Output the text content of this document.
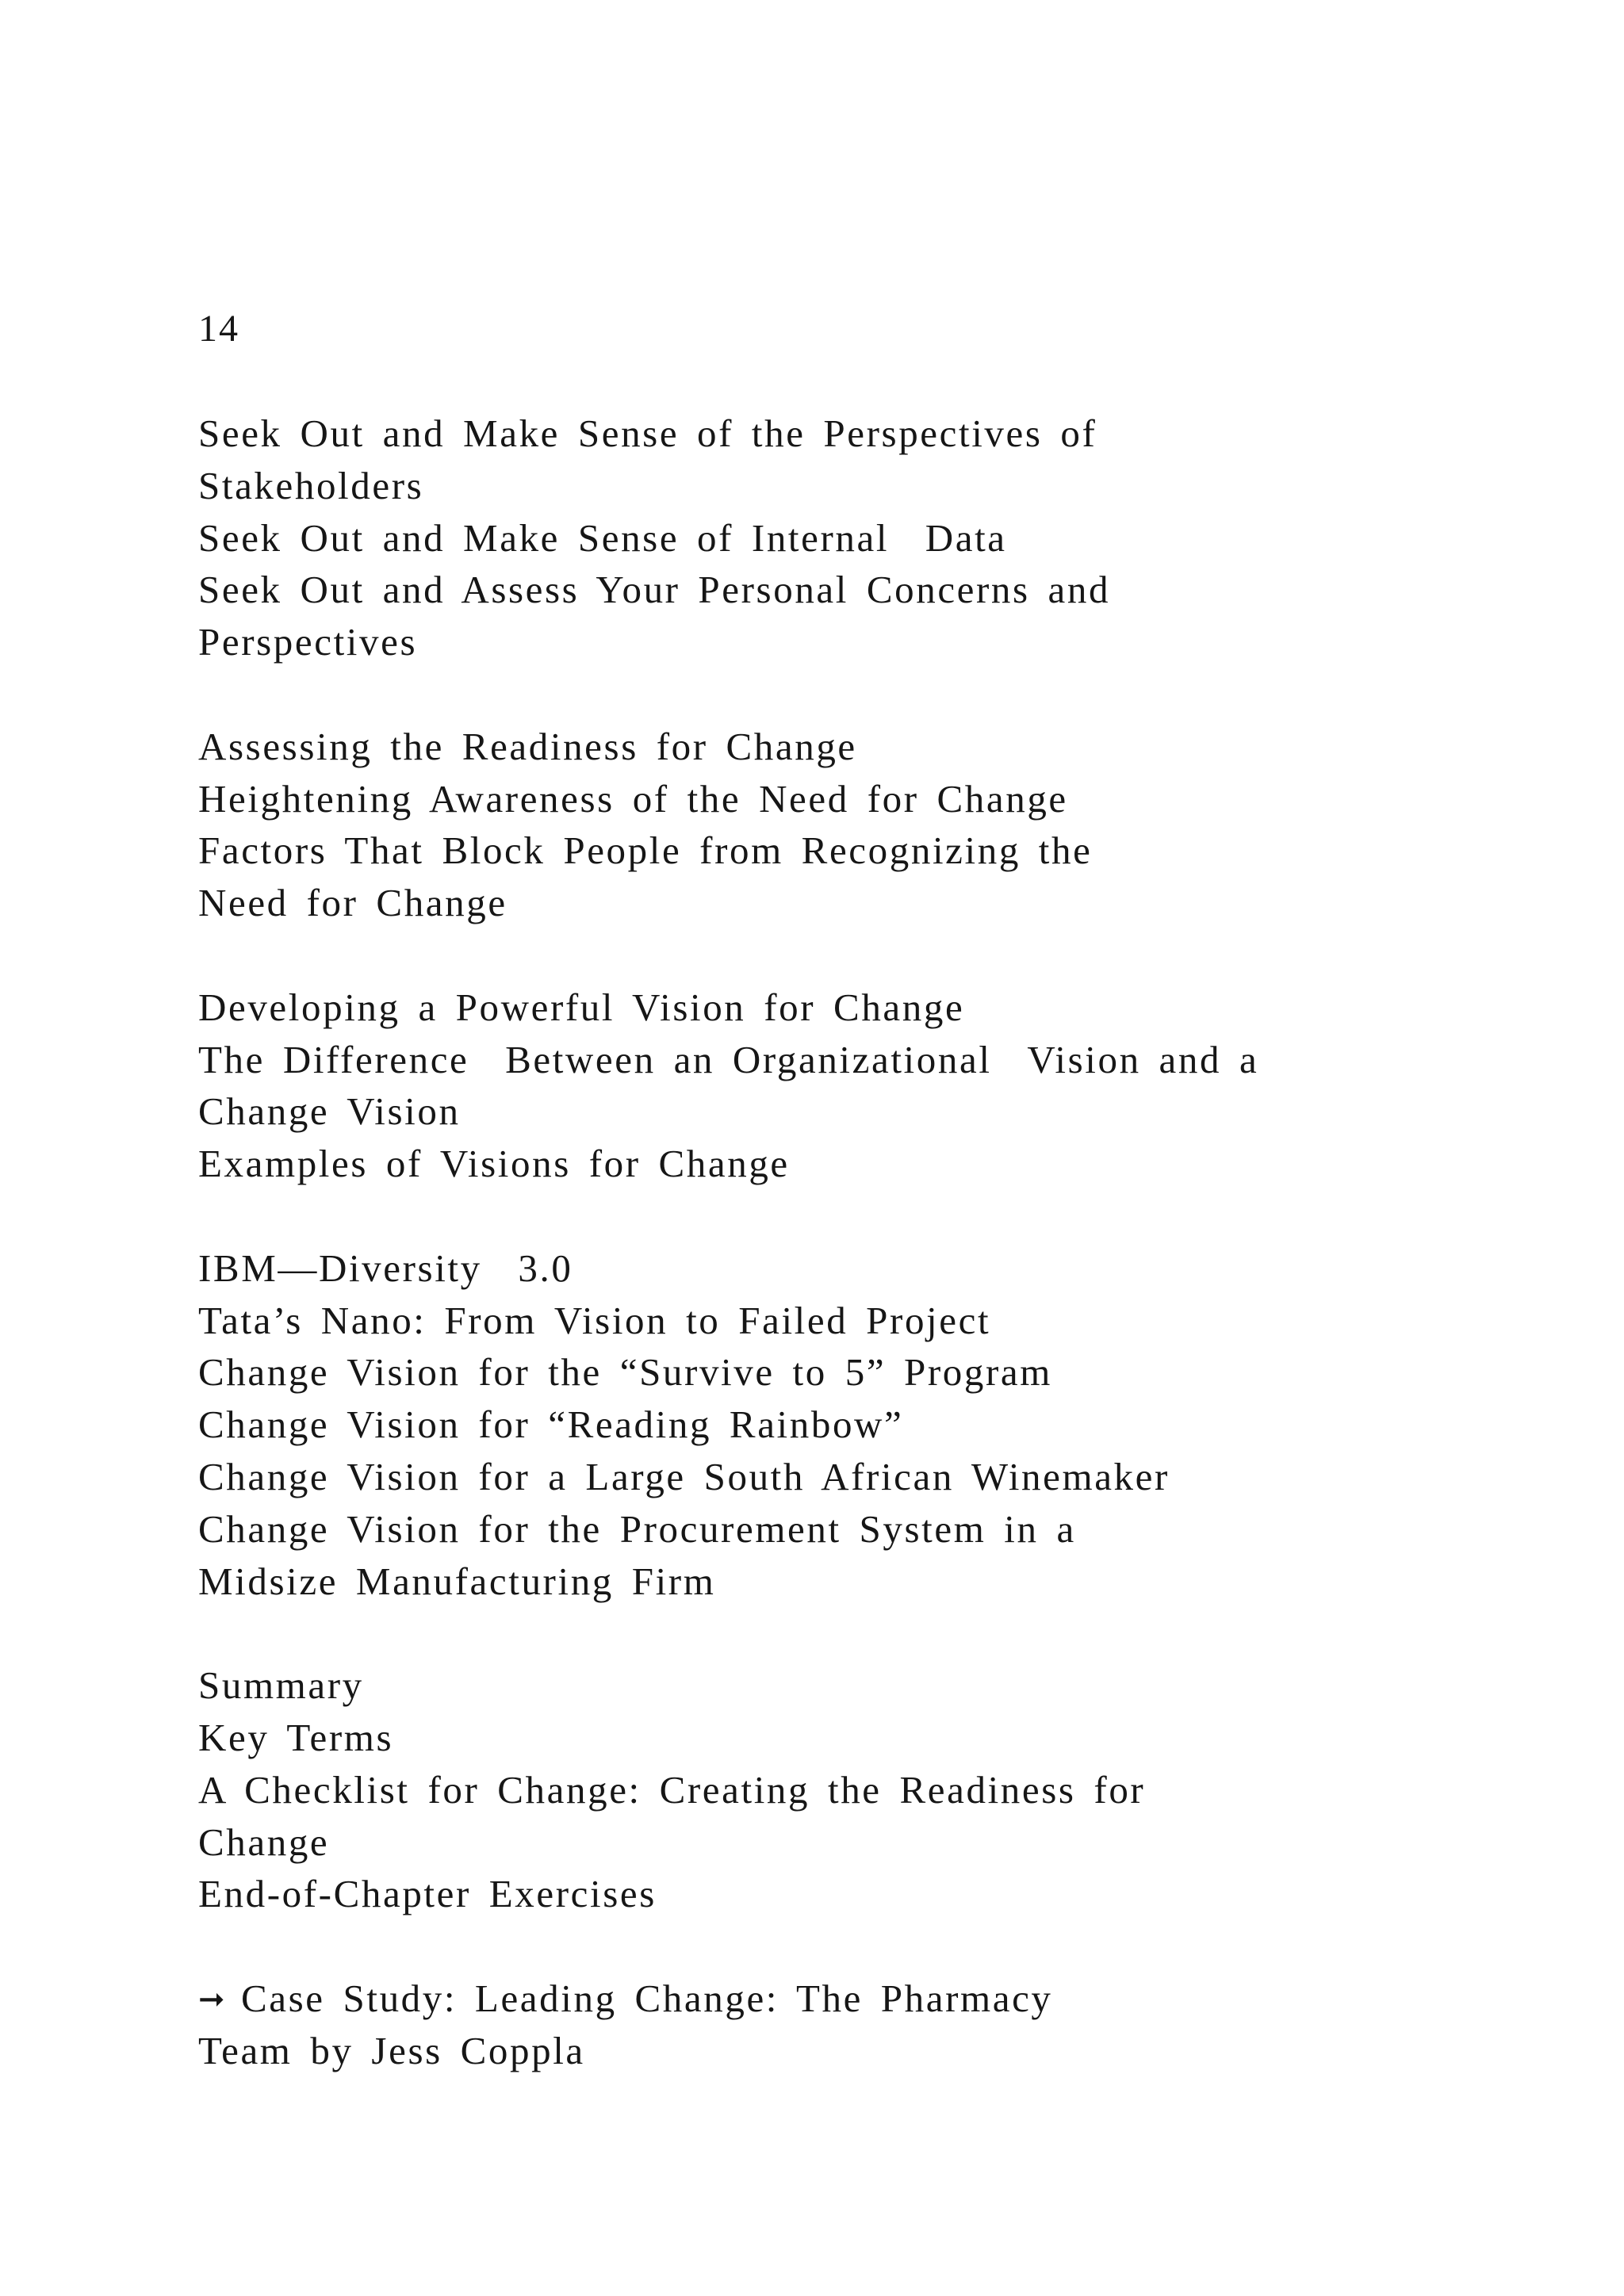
14
Seek Out and Make Sense of the Perspectives of
Stakeholders
Seek Out and Make Sense of Internal  Data
Seek Out and Assess Your Personal Concerns and
Perspectives
Assessing the Readiness for Change
Heightening Awareness of the Need for Change
Factors That Block People from Recognizing the
Need for Change
Developing a Powerful Vision for Change
The Difference  Between an Organizational  Vision and a
Change Vision
Examples of Visions for Change
IBM—Diversity  3.0
Tata’s Nano: From Vision to Failed Project
Change Vision for the “Survive to 5” Program
Change Vision for “Reading Rainbow”
Change Vision for a Large South African Winemaker
Change Vision for the Procurement System in a
Midsize Manufacturing Firm
Summary
Key Terms
A Checklist for Change: Creating the Readiness for
Change
End-of-Chapter Exercises
➞ Case Study: Leading Change: The Pharmacy
Team by Jess Coppla
